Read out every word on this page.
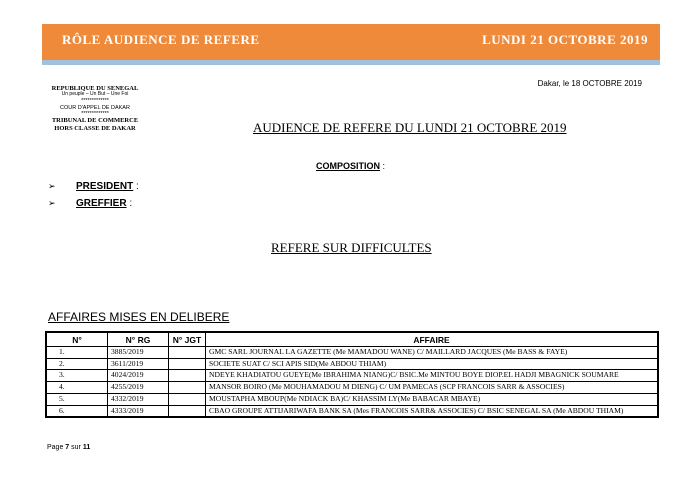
RÔLE AUDIENCE DE REFERE	LUNDI 21 OCTOBRE 2019
Dakar, le 18 OCTOBRE 2019
REPUBLIQUE DU SENEGAL
Un peuple – Un But – Une Foi
*************
COUR D'APPEL DE DAKAR
*************
TRIBUNAL DE COMMERCE
HORS CLASSE DE DAKAR	AUDIENCE DE REFERE DU LUNDI 21 OCTOBRE 2019
COMPOSITION :
➢ PRESIDENT :
➢ GREFFIER :
REFERE SUR DIFFICULTES
AFFAIRES MISES EN DELIBERE
N°	N° RG	N° JGT	AFFAIRE
1.	3885/2019		GMC SARL JOURNAL LA GAZETTE (Me MAMADOU WANE) C/ MAILLARD JACQUES (Me BASS & FAYE)
2.	3611/2019		SOCIETE SUAT C/ SCI APIS SID(Me ABDOU THIAM)
3.	4024/2019		NDEYE KHADIATOU GUEYE(Me IBRAHIMA NIANG)C/ BSIC.Me MINTOU BOYE DIOP.EL HADJI MBAGNICK SOUMARE
4.	4255/2019		MANSOR BOIRO (Me MOUHAMADOU M DIENG) C/ UM PAMECAS (SCP FRANCOIS SARR & ASSOCIES)
5.	4332/2019		MOUSTAPHA MBOUP(Me NDIACK BA)C/ KHASSIM LY(Me BABACAR MBAYE)
6.	4333/2019		CBAO GROUPE ATTIJARIWAFA BANK SA (Mes FRANCOIS SARR& ASSOCIES) C/ BSIC SENEGAL SA (Me ABDOU THIAM)
Page 7 sur 11
